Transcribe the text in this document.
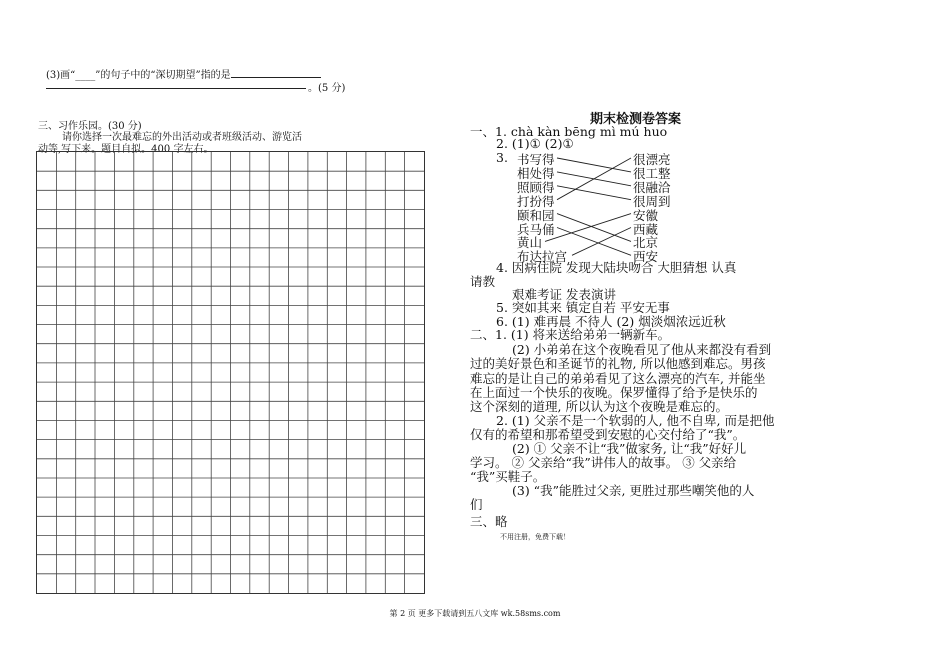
(3)画“____”的句子中的“深切期望”指的是
。(5 分)
三、习作乐园。(30 分)
请你选择一次最难忘的外出活动或者班级活动、游览活
动等,写下来。题目自拟。400 字左右。
期末检测卷答案
一、1. chà kàn bēng mì mú huo
2. (1)① (2)①
3. 书写得
相处得
照顾得
打扮得
颐和园
兵马俑
黄山
布达拉宫
很漂亮
很工整
很融洽
很周到
安徽
西藏
北京
西安
4. 因病住院 发现大陆块吻合 大胆猜想 认真
请教
艰难考证 发表演讲
5. 突如其来 镇定自若 平安无事
6. (1) 难再晨 不待人 (2) 烟淡烟浓远近秋
二、1. (1) 将来送给弟弟一辆新车。
(2) 小弟弟在这个夜晚看见了他从来都没有看到
过的美好景色和圣诞节的礼物, 所以他感到难忘。男孩
难忘的是让自己的弟弟看见了这么漂亮的汽车, 并能坐
在上面过一个快乐的夜晚。保罗懂得了给予是快乐的
这个深刻的道理, 所以认为这个夜晚是难忘的。
2. (1) 父亲不是一个软弱的人, 他不自卑, 而是把他
仅有的希望和那希望受到安慰的心交付给了“我”。
(2) ① 父亲不让“我”做家务, 让“我”好好儿
学习。 ② 父亲给“我”讲伟人的故事。 ③ 父亲给
“我”买鞋子。
(3) “我”能胜过父亲, 更胜过那些嘲笑他的人
们
三、略
不用注册，免费下载！
第 2 页 更多下载请到五八文库 wk.58sms.com
